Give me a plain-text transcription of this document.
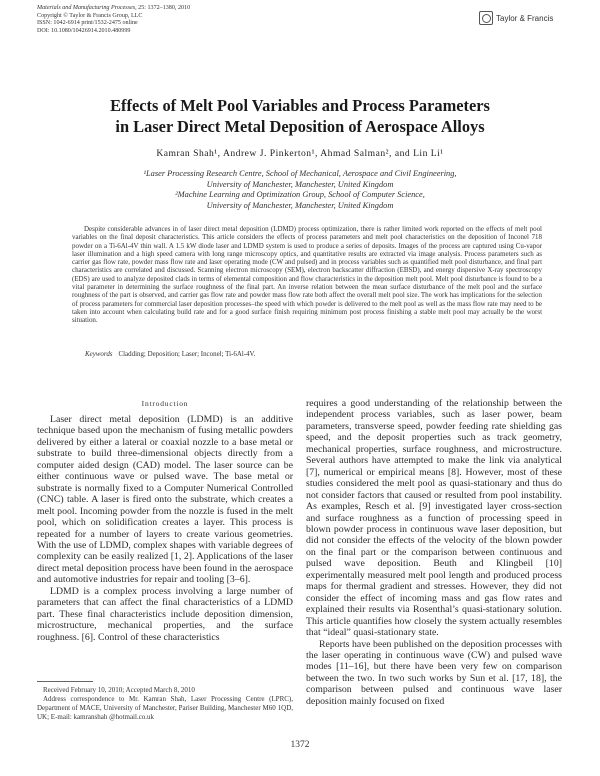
Materials and Manufacturing Processes, 25: 1372–1380, 2010
Copyright © Taylor & Francis Group, LLC
ISSN: 1042-6914 print/1532-2475 online
DOI: 10.1080/10426914.2010.480999
Taylor & Francis
Effects of Melt Pool Variables and Process Parameters
in Laser Direct Metal Deposition of Aerospace Alloys
Kamran Shah¹, Andrew J. Pinkerton¹, Ahmad Salman², and Lin Li¹
¹Laser Processing Research Centre, School of Mechanical, Aerospace and Civil Engineering,
University of Manchester, Manchester, United Kingdom
²Machine Learning and Optimization Group, School of Computer Science,
University of Manchester, Manchester, United Kingdom

Despite considerable advances in of laser direct metal deposition (LDMD) process optimization, there is rather limited work reported on the effects of melt pool variables on the final deposit characteristics. This article considers the effects of process parameters and melt pool characteristics on the deposition of Inconel 718 powder on a Ti-6Al-4V thin wall. A 1.5 kW diode laser and LDMD system is used to produce a series of deposits. Images of the process are captured using Cu-vapor laser illumination and a high speed camera with long range microscopy optics, and quantitative results are extracted via image analysis. Process parameters such as carrier gas flow rate, powder mass flow rate and laser operating mode (CW and pulsed) and in process variables such as quantified melt pool disturbance, and final part characteristics are correlated and discussed. Scanning electron microscopy (SEM), electron backscatter diffraction (EBSD), and energy dispersive X-ray spectroscopy (EDS) are used to analyze deposited clads in terms of elemental composition and flow characteristics in the deposition melt pool. Melt pool disturbance is found to be a vital parameter in determining the surface roughness of the final part. An inverse relation between the mean surface disturbance of the melt pool and the surface roughness of the part is observed, and carrier gas flow rate and powder mass flow rate both affect the overall melt pool size. The work has implications for the selection of process parameters for commercial laser deposition processes–the speed with which powder is delivered to the melt pool as well as the mass flow rate may need to be taken into account when calculating build rate and for a good surface finish requiring minimum post process finishing a stable melt pool may actually be the worst situation.

Keywords Cladding; Deposition; Laser; Inconel; Ti-6Al-4V.
Introduction

Laser direct metal deposition (LDMD) is an additive technique based upon the mechanism of fusing metallic powders delivered by either a lateral or coaxial nozzle to a base metal or substrate to build three-dimensional objects directly from a computer aided design (CAD) model. The laser source can be either continuous wave or pulsed wave. The base metal or substrate is normally fixed to a Computer Numerical Controlled (CNC) table. A laser is fired onto the substrate, which creates a melt pool. Incoming powder from the nozzle is fused in the melt pool, which on solidification creates a layer. This process is repeated for a number of layers to create various geometries. With the use of LDMD, complex shapes with variable degrees of complexity can be easily realized [1, 2]. Applications of the laser direct metal deposition process have been found in the aerospace and automotive industries for repair and tooling [3–6].

LDMD is a complex process involving a large number of parameters that can affect the final characteristics of a LDMD part. These final characteristics include deposition dimension, microstructure, mechanical properties, and the surface roughness. [6]. Control of these characteristics

requires a good understanding of the relationship between the independent process variables, such as laser power, beam parameters, transverse speed, powder feeding rate shielding gas speed, and the deposit properties such as track geometry, mechanical properties, surface roughness, and microstructure. Several authors have attempted to make the link via analytical [7], numerical or empirical means [8]. However, most of these studies considered the melt pool as quasi-stationary and thus do not consider factors that caused or resulted from pool instability. As examples, Resch et al. [9] investigated layer cross-section and surface roughness as a function of processing speed in blown powder process in continuous wave laser deposition, but did not consider the effects of the velocity of the blown powder on the final part or the comparison between continuous and pulsed wave deposition. Beuth and Klingbeil [10] experimentally measured melt pool length and produced process maps for thermal gradient and stresses. However, they did not consider the effect of incoming mass and gas flow rates and explained their results via Rosenthal’s quasi-stationary solution. This article quantifies how closely the system actually resembles that “ideal” quasi-stationary state.

Reports have been published on the deposition processes with the laser operating in continuous wave (CW) and pulsed wave modes [11–16], but there have been very few on comparison between the two. In two such works by Sun et al. [17, 18], the comparison between pulsed and continuous wave laser deposition mainly focused on fixed

Received February 10, 2010; Accepted March 8, 2010

Address correspondence to Mr. Kamran Shah, Laser Processing Centre (LPRC), Department of MACE, University of Manchester, Pariser Building, Manchester M60 1QD, UK; E-mail: kamranshah @hotmail.co.uk

1372
